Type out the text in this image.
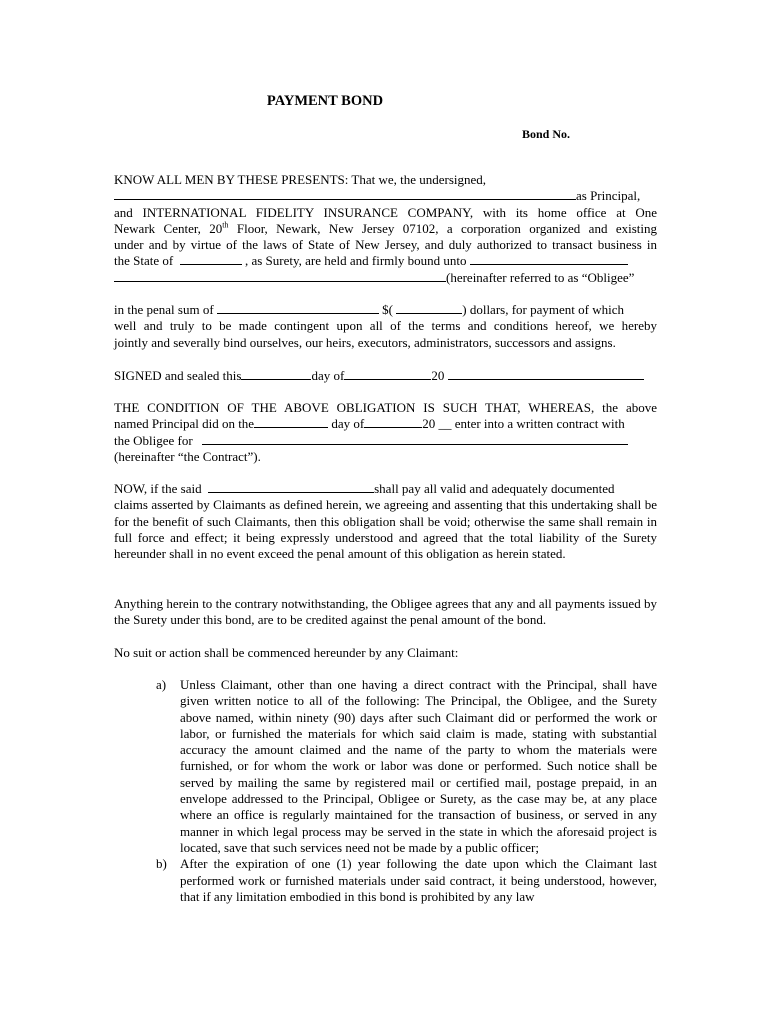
PAYMENT BOND
Bond No.
KNOW ALL MEN BY THESE PRESENTS: That we, the undersigned,
as Principal,
and INTERNATIONAL FIDELITY INSURANCE COMPANY, with its home office at One
Newark Center, 20th Floor, Newark, New Jersey 07102, a corporation organized and existing
under and by virtue of the laws of State of New Jersey, and duly authorized to transact business in
the State of	, as Surety, are held and firmly bound unto
(hereinafter referred to as “Obligee”
in the penal sum of	$(	) dollars, for payment of which
well and truly to be made contingent upon all of the terms and conditions hereof, we hereby
jointly and severally bind ourselves, our heirs, executors, administrators, successors and assigns.
SIGNED and sealed this	day of	20
THE CONDITION OF THE ABOVE OBLIGATION IS SUCH THAT, WHEREAS, the above
named Principal did on the	day of	20 __ enter into a written contract with
the Obligee for
(hereinafter “the Contract”).
NOW, if the said	shall pay all valid and adequately documented
claims asserted by Claimants as defined herein, we agreeing and assenting that this undertaking shall be for the benefit of such Claimants, then this obligation shall be void; otherwise the same shall remain in full force and effect; it being expressly understood and agreed that the total liability of the Surety hereunder shall in no event exceed the penal amount of this obligation as herein stated.
Anything herein to the contrary notwithstanding, the Obligee agrees that any and all payments issued by the Surety under this bond, are to be credited against the penal amount of the bond.
No suit or action shall be commenced hereunder by any Claimant:
a) Unless Claimant, other than one having a direct contract with the Principal, shall have given written notice to all of the following: The Principal, the Obligee, and the Surety above named, within ninety (90) days after such Claimant did or performed the work or labor, or furnished the materials for which said claim is made, stating with substantial accuracy the amount claimed and the name of the party to whom the materials were furnished, or for whom the work or labor was done or performed. Such notice shall be served by mailing the same by registered mail or certified mail, postage prepaid, in an envelope addressed to the Principal, Obligee or Surety, as the case may be, at any place where an office is regularly maintained for the transaction of business, or served in any manner in which legal process may be served in the state in which the aforesaid project is located, save that such services need not be made by a public officer;
b) After the expiration of one (1) year following the date upon which the Claimant last performed work or furnished materials under said contract, it being understood, however, that if any limitation embodied in this bond is prohibited by any law
